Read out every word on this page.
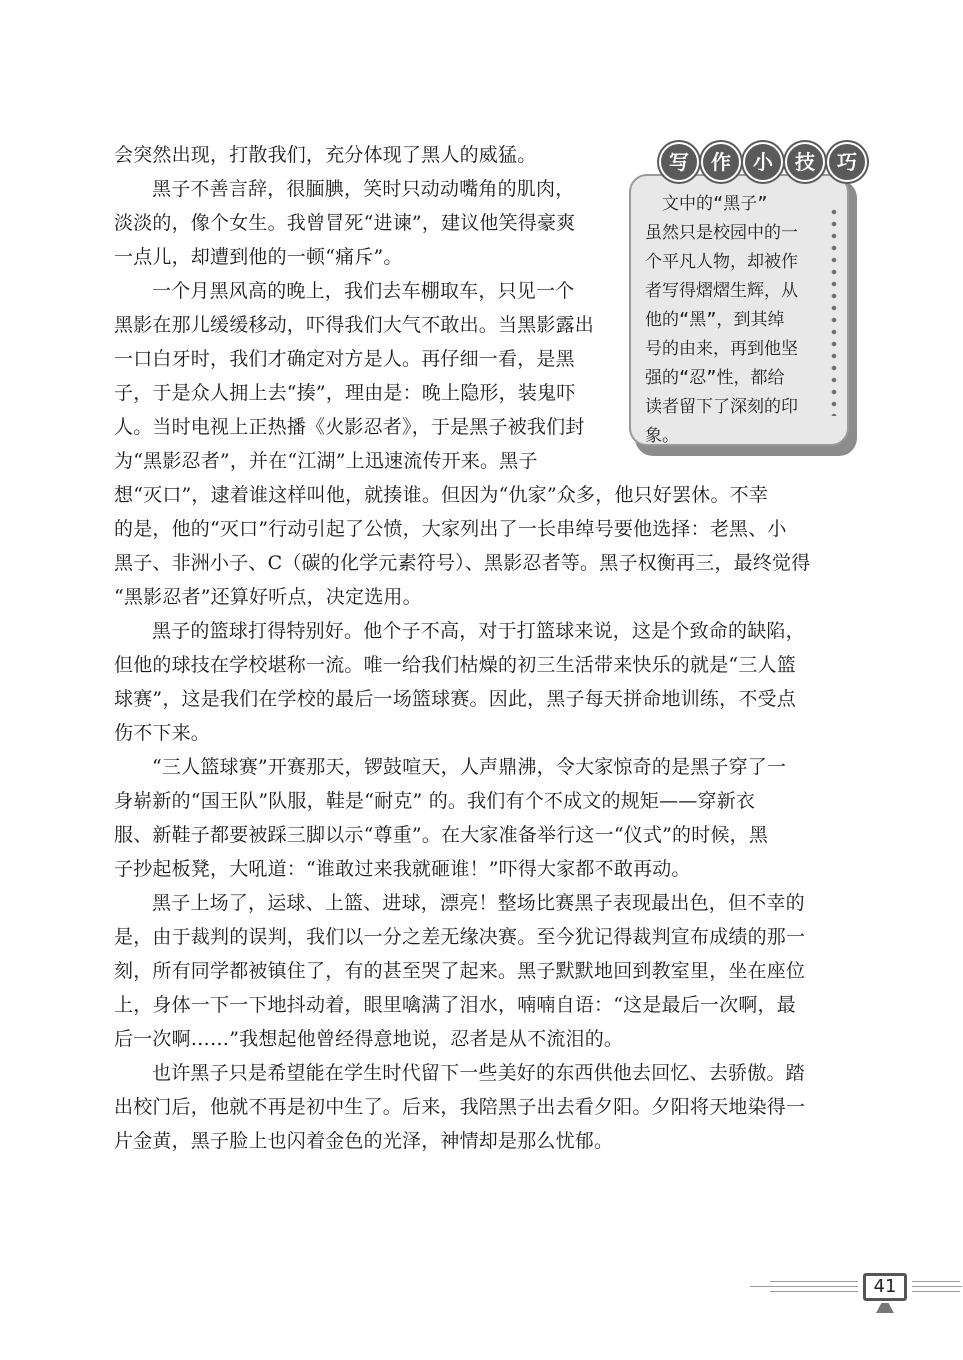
会突然出现，打散我们，充分体现了黑人的威猛。
黑子不善言辞，很腼腆，笑时只动动嘴角的肌肉，
淡淡的，像个女生。我曾冒死“进谏”，建议他笑得豪爽
一点儿，却遭到他的一顿“痛斥”。
一个月黑风高的晚上，我们去车棚取车，只见一个
黑影在那儿缓缓移动，吓得我们大气不敢出。当黑影露出
一口白牙时，我们才确定对方是人。再仔细一看，是黑
子，于是众人拥上去“揍”，理由是：晚上隐形，装鬼吓
人。当时电视上正热播《火影忍者》，于是黑子被我们封
为“黑影忍者”，并在“江湖”上迅速流传开来。黑子
想“灭口”，逮着谁这样叫他，就揍谁。但因为“仇家”众多，他只好罢休。不幸
的是，他的“灭口”行动引起了公愤，大家列出了一长串绰号要他选择：老黑、小
黑子、非洲小子、C（碳的化学元素符号）、黑影忍者等。黑子权衡再三，最终觉得
“黑影忍者”还算好听点，决定选用。
黑子的篮球打得特别好。他个子不高，对于打篮球来说，这是个致命的缺陷，
但他的球技在学校堪称一流。唯一给我们枯燥的初三生活带来快乐的就是“三人篮
球赛”，这是我们在学校的最后一场篮球赛。因此，黑子每天拼命地训练，不受点
伤不下来。
“三人篮球赛”开赛那天，锣鼓喧天，人声鼎沸，令大家惊奇的是黑子穿了一
身崭新的“国王队”队服，鞋是“耐克” 的。我们有个不成文的规矩——穿新衣
服、新鞋子都要被踩三脚以示“尊重”。在大家准备举行这一“仪式”的时候，黑
子抄起板凳，大吼道：“谁敢过来我就砸谁！”吓得大家都不敢再动。
黑子上场了，运球、上篮、进球，漂亮！整场比赛黑子表现最出色，但不幸的
是，由于裁判的误判，我们以一分之差无缘决赛。至今犹记得裁判宣布成绩的那一
刻，所有同学都被镇住了，有的甚至哭了起来。黑子默默地回到教室里，坐在座位
上，身体一下一下地抖动着，眼里噙满了泪水，喃喃自语：“这是最后一次啊，最
后一次啊……”我想起他曾经得意地说，忍者是从不流泪的。
也许黑子只是希望能在学生时代留下一些美好的东西供他去回忆、去骄傲。踏
出校门后，他就不再是初中生了。后来，我陪黑子出去看夕阳。夕阳将天地染得一
片金黄，黑子脸上也闪着金色的光泽，神情却是那么忧郁。
　文中的“黑子”
虽然只是校园中的一
个平凡人物，却被作
者写得熠熠生辉，从
他的“黑”，到其绰
号的由来，再到他坚
强的“忍”性，都给
读者留下了深刻的印
象。
写	作	小	技	巧
41
